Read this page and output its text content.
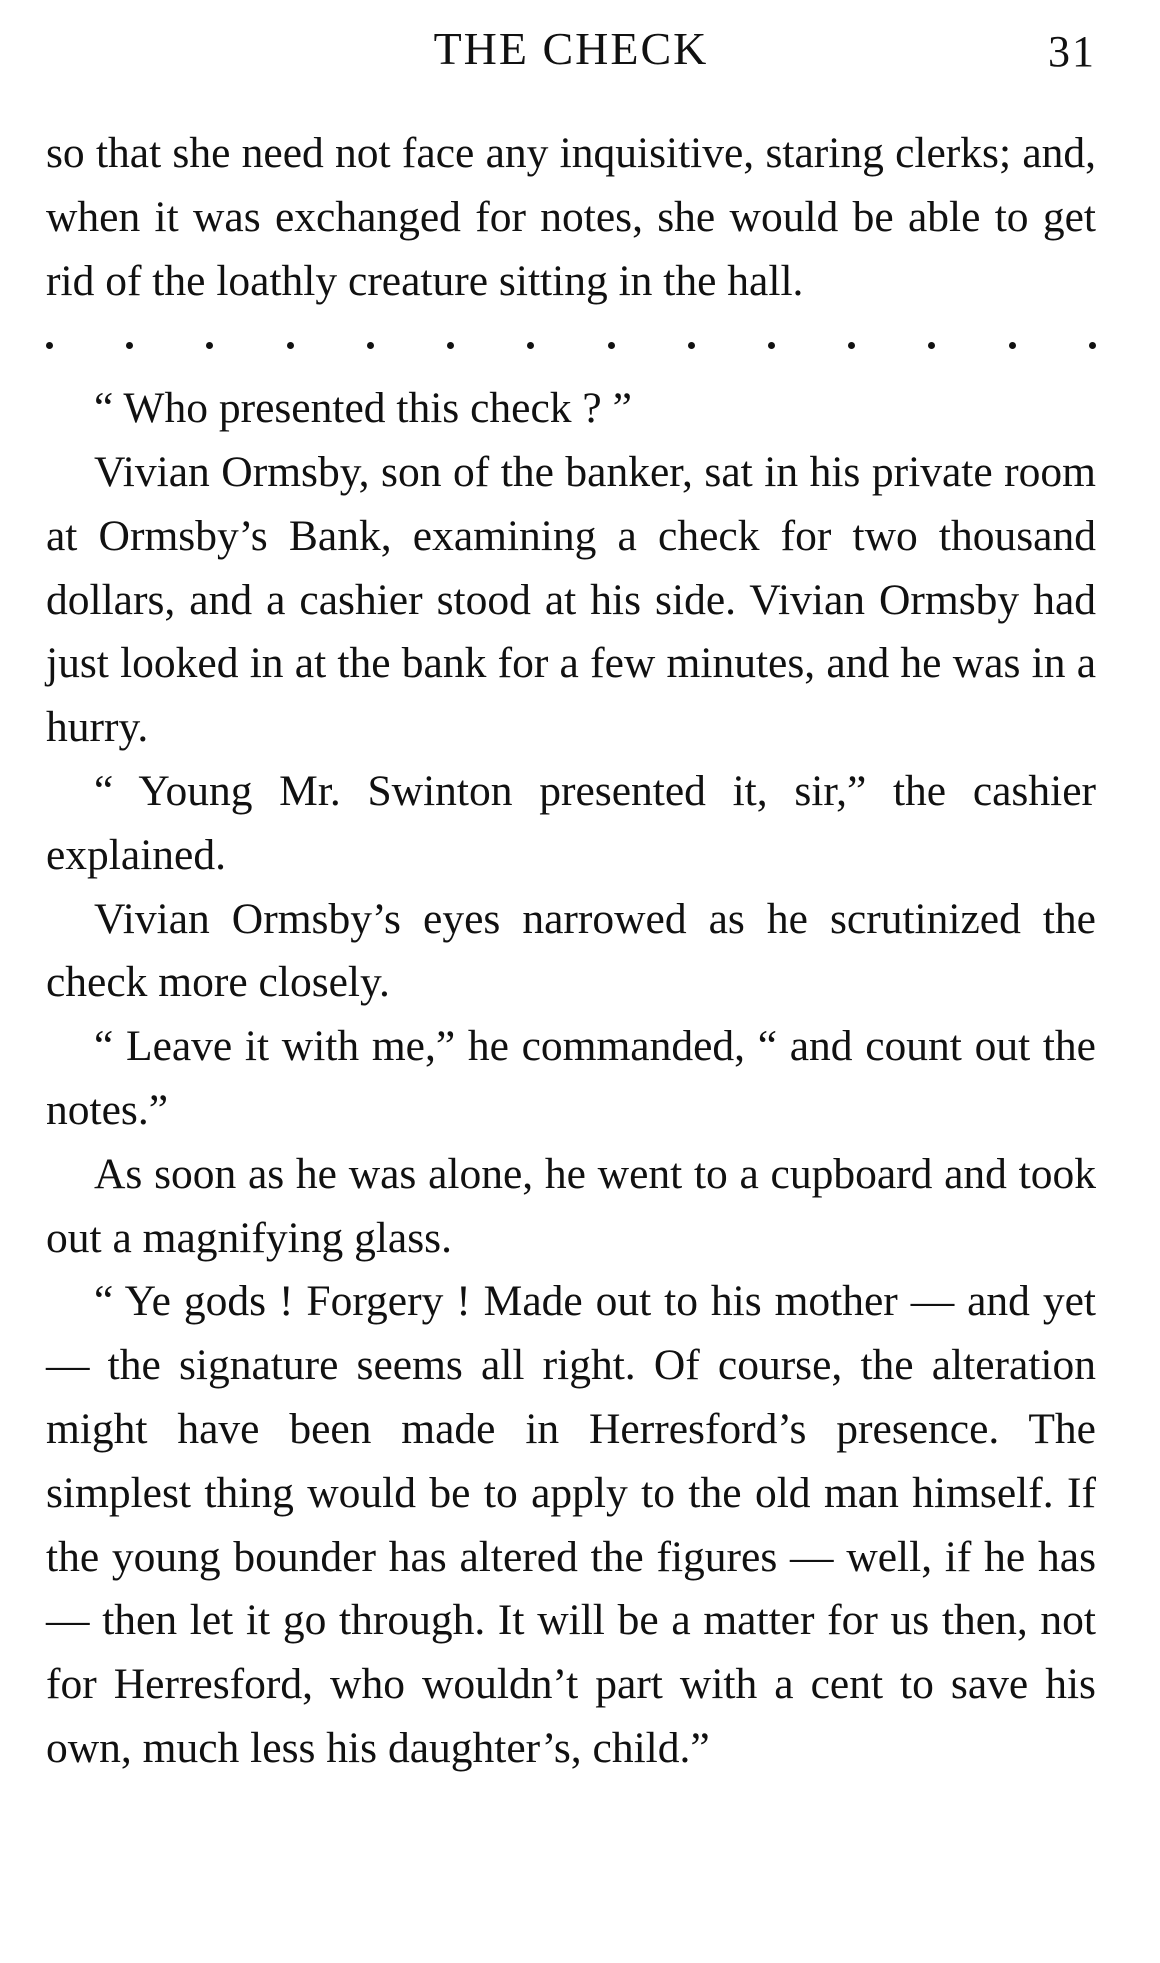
THE CHECK	31

so that she need not face any inquisitive, staring clerks; and, when it was exchanged for notes, she would be able to get rid of the loathly creature sitting in the hall.

“ Who presented this check ? ”

Vivian Ormsby, son of the banker, sat in his private room at Ormsby’s Bank, examining a check for two thousand dollars, and a cashier stood at his side. Vivian Ormsby had just looked in at the bank for a few minutes, and he was in a hurry.

“ Young Mr. Swinton presented it, sir,” the cashier explained.

Vivian Ormsby’s eyes narrowed as he scrutinized the check more closely.

“ Leave it with me,” he commanded, “ and count out the notes.”

As soon as he was alone, he went to a cupboard and took out a magnifying glass.

“ Ye gods ! Forgery ! Made out to his mother — and yet — the signature seems all right. Of course, the alteration might have been made in Herresford’s presence. The simplest thing would be to apply to the old man himself. If the young bounder has altered the figures — well, if he has — then let it go through. It will be a matter for us then, not for Herresford, who wouldn’t part with a cent to save his own, much less his daughter’s, child.”
